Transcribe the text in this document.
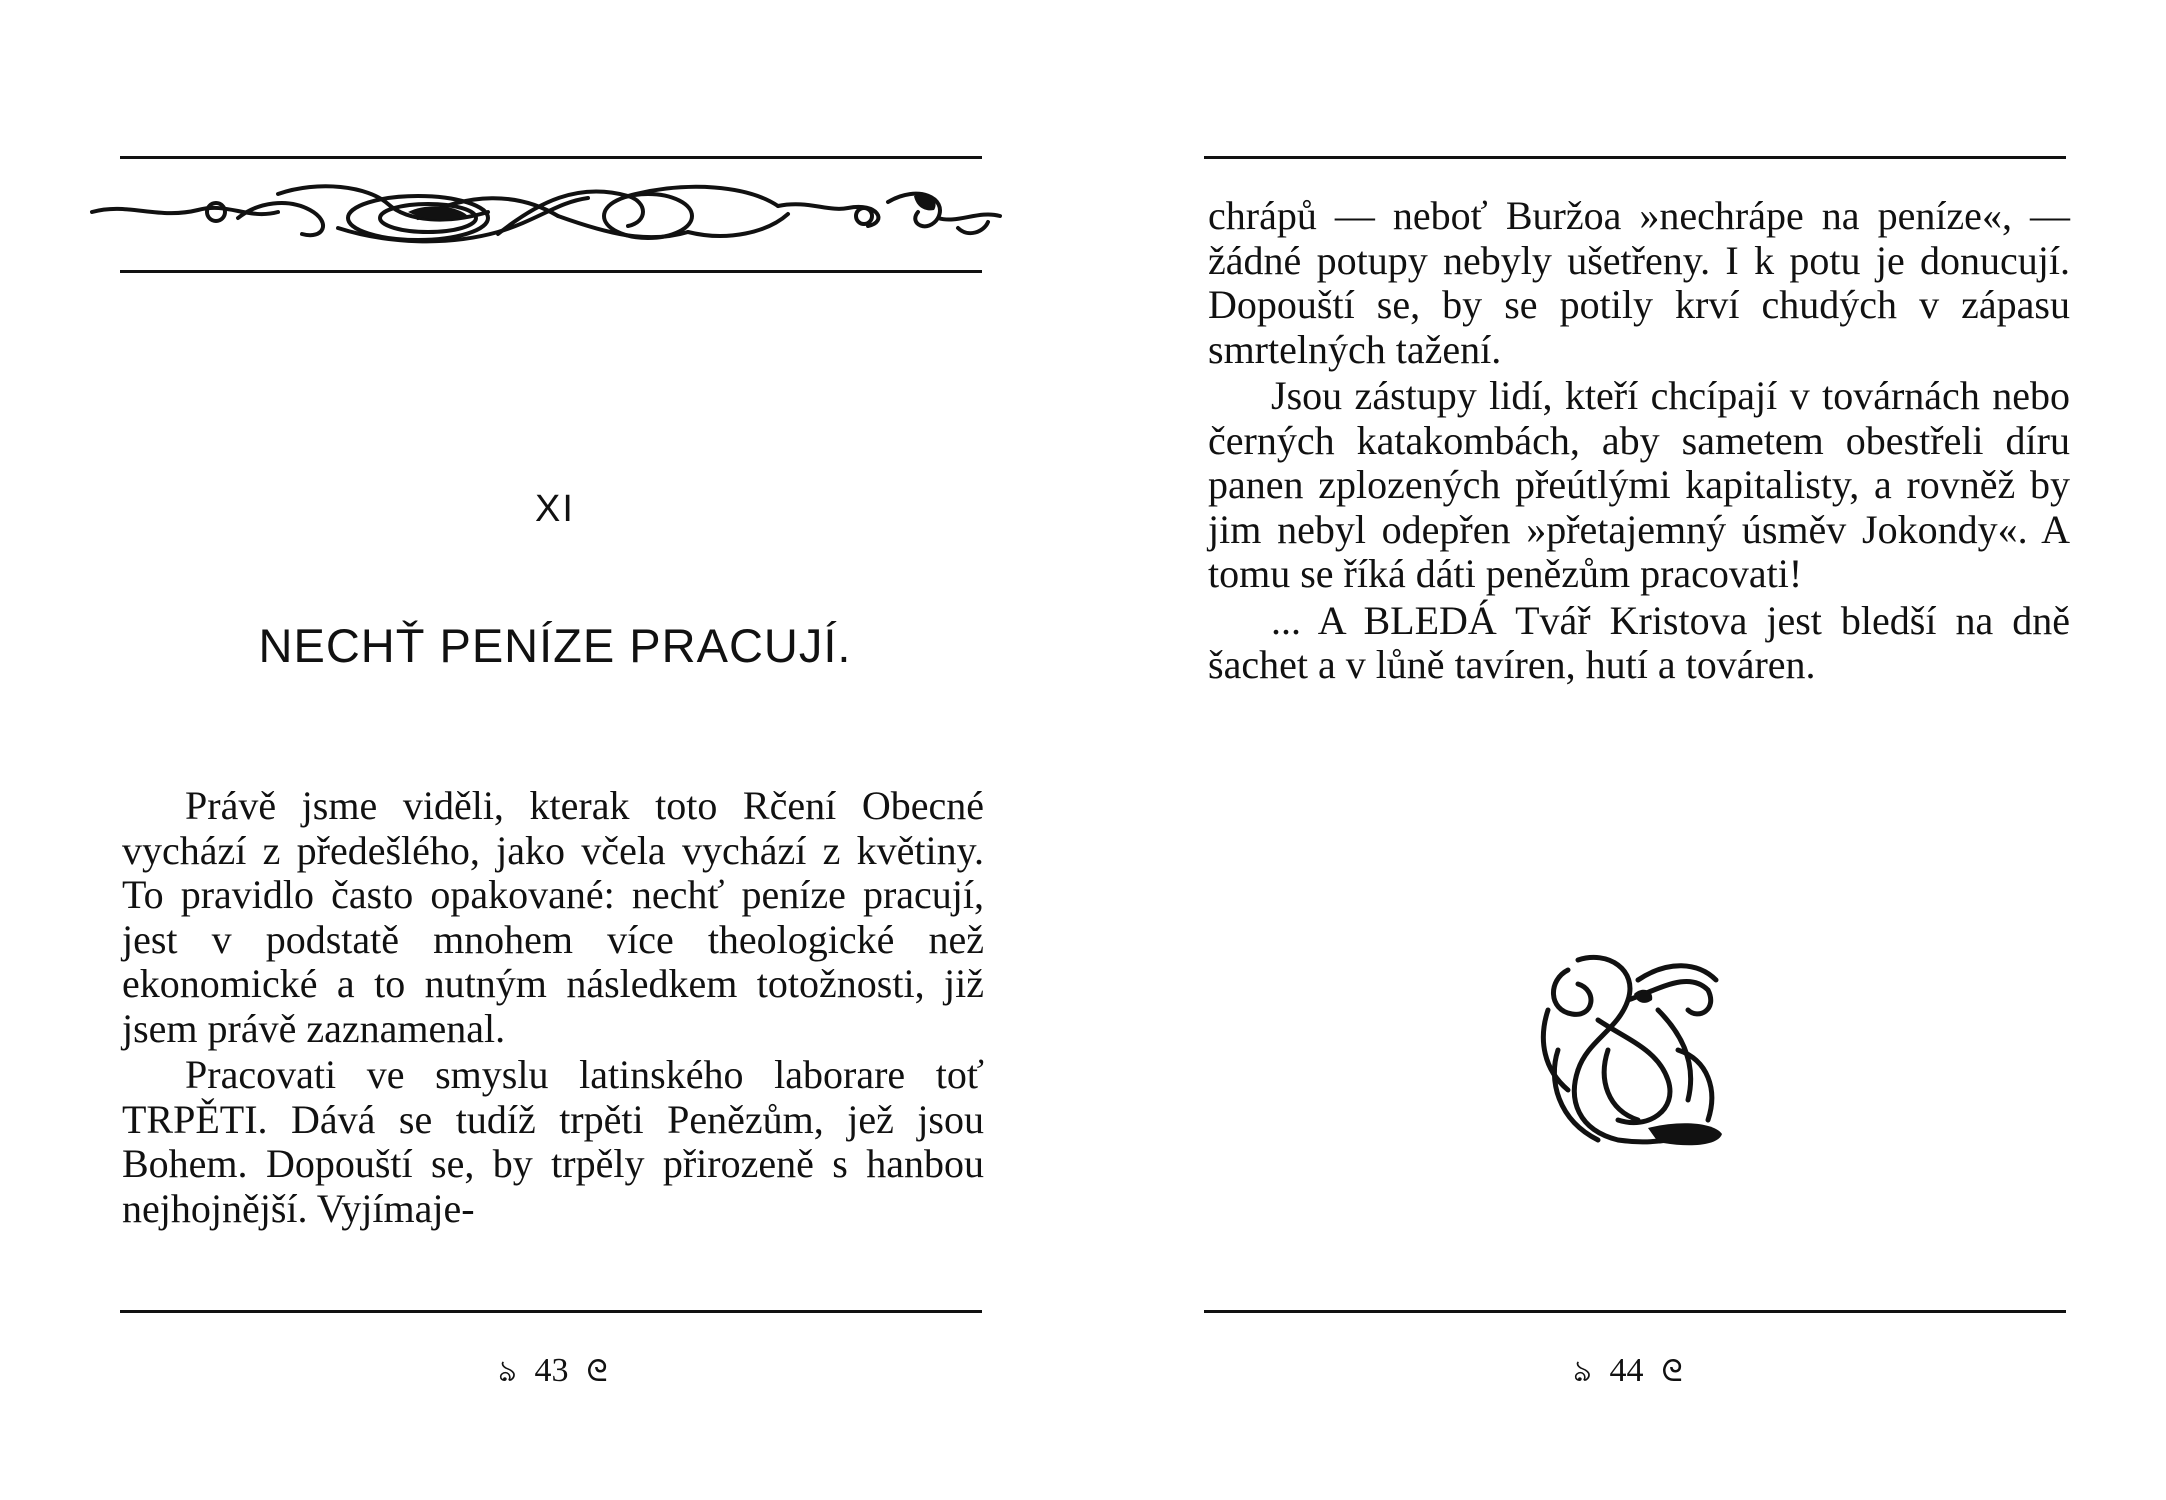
XI
NECHŤ PENÍZE PRACUJÍ.

Právě jsme viděli, kterak toto Rčení Obecné vychází z předešlého, jako včela vychází z květiny. To pravidlo často opakované: nechť peníze pracují, jest v podstatě mnohem více theologické než ekonomické a to nutným následkem totožnosti, již jsem právě zaznamenal.

Pracovati ve smyslu latinského laborare toť TRPĚTI. Dává se tudíž trpěti Penězům, jež jsou Bohem. Dopouští se, by trpěly přirozeně s hanbou nejhojnější. Vyjímaje-

ঌ 43 ᘓ

chrápů — neboť Buržoa »nechrápe na peníze«, — žádné potupy nebyly ušetřeny. I k potu je donucují. Dopouští se, by se potily krví chudých v zápasu smrtelných tažení.

Jsou zástupy lidí, kteří chcípají v továrnách nebo černých katakombách, aby sametem obestřeli díru panen zplozených přeútlými kapitalisty, a rovněž by jim nebyl odepřen »přetajemný úsměv Jokondy«. A tomu se říká dáti penězům pracovati!

... A BLEDÁ Tvář Kristova jest bledší na dně šachet a v lůně tavíren, hutí a továren.

ঌ 44 ᘓ
